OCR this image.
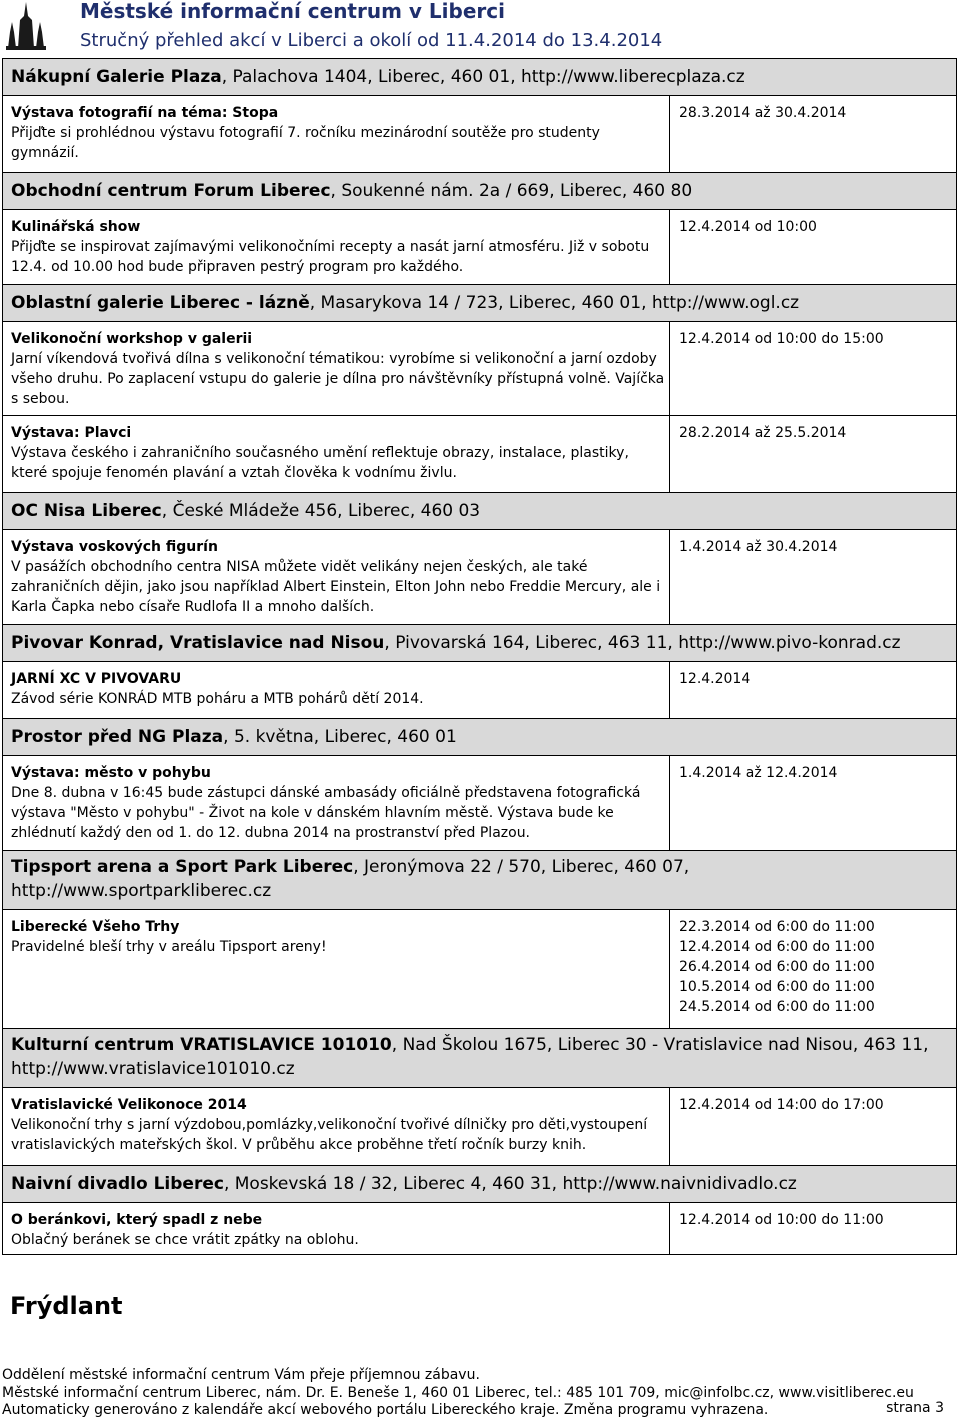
Městské informační centrum v Liberci
Stručný přehled akcí v Liberci a okolí od 11.4.2014 do 13.4.2014
Nákupní Galerie Plaza, Palachova 1404, Liberec, 460 01, http://www.liberecplaza.cz
Výstava fotografií na téma: Stopa
Přijďte si prohlédnou výstavu fotografií 7. ročníku mezinárodní soutěže pro studenty gymnázií.
28.3.2014 až 30.4.2014
Obchodní centrum Forum Liberec, Soukenné nám. 2a / 669, Liberec, 460 80
Kulinářská show
Přijďte se inspirovat zajímavými velikonočními recepty a nasát jarní atmosféru. Již v sobotu 12.4. od 10.00 hod bude připraven pestrý program pro každého.
12.4.2014 od 10:00
Oblastní galerie Liberec - lázně, Masarykova 14 / 723, Liberec, 460 01, http://www.ogl.cz
Velikonoční workshop v galerii
Jarní víkendová tvořivá dílna s velikonoční tématikou: vyrobíme si velikonoční a jarní ozdoby všeho druhu. Po zaplacení vstupu do galerie je dílna pro návštěvníky přístupná volně. Vajíčka s sebou.
12.4.2014 od 10:00 do 15:00
Výstava: Plavci
Výstava českého i zahraničního současného umění reflektuje obrazy, instalace, plastiky, které spojuje fenomén plavání a vztah člověka k vodnímu živlu.
28.2.2014 až 25.5.2014
OC Nisa Liberec, České Mládeže 456, Liberec, 460 03
Výstava voskových figurín
V pasážích obchodního centra NISA můžete vidět velikány nejen českých, ale také zahraničních dějin, jako jsou například Albert Einstein, Elton John nebo Freddie Mercury, ale i Karla Čapka nebo císaře Rudlofa II a mnoho dalších.
1.4.2014 až 30.4.2014
Pivovar Konrad, Vratislavice nad Nisou, Pivovarská 164, Liberec, 463 11, http://www.pivo-konrad.cz
JARNÍ XC V PIVOVARU
Závod série KONRÁD MTB poháru a MTB pohárů dětí 2014.
12.4.2014
Prostor před NG Plaza, 5. května, Liberec, 460 01
Výstava: město v pohybu
Dne 8. dubna v 16:45 bude zástupci dánské ambasády oficiálně představena fotografická výstava "Město v pohybu" - Život na kole v dánském hlavním městě. Výstava bude ke zhlédnutí každý den od 1. do 12. dubna 2014 na prostranství před Plazou.
1.4.2014 až 12.4.2014
Tipsport arena a Sport Park Liberec, Jeronýmova 22 / 570, Liberec, 460 07, http://www.sportparkliberec.cz
Liberecké Všeho Trhy
Pravidelné bleší trhy v areálu Tipsport areny!
22.3.2014 od 6:00 do 11:00
12.4.2014 od 6:00 do 11:00
26.4.2014 od 6:00 do 11:00
10.5.2014 od 6:00 do 11:00
24.5.2014 od 6:00 do 11:00
Kulturní centrum VRATISLAVICE 101010, Nad Školou 1675, Liberec 30 - Vratislavice nad Nisou, 463 11, http://www.vratislavice101010.cz
Vratislavické Velikonoce 2014
Velikonoční trhy s jarní výzdobou,pomlázky,velikonoční tvořivé dílničky pro děti,vystoupení vratislavických mateřských škol. V průběhu akce proběhne třetí ročník burzy knih.
12.4.2014 od 14:00 do 17:00
Naivní divadlo Liberec, Moskevská 18 / 32, Liberec 4, 460 31, http://www.naivnidivadlo.cz
O beránkovi, který spadl z nebe
Oblačný beránek se chce vrátit zpátky na oblohu.
12.4.2014 od 10:00 do 11:00
Frýdlant
Oddělení městské informační centrum Vám přeje příjemnou zábavu.
Městské informační centrum Liberec, nám. Dr. E. Beneše 1, 460 01 Liberec, tel.: 485 101 709, mic@infolbc.cz, www.visitliberec.eu
Automaticky generováno z kalendáře akcí webového portálu Libereckého kraje. Změna programu vyhrazena.	strana 3
